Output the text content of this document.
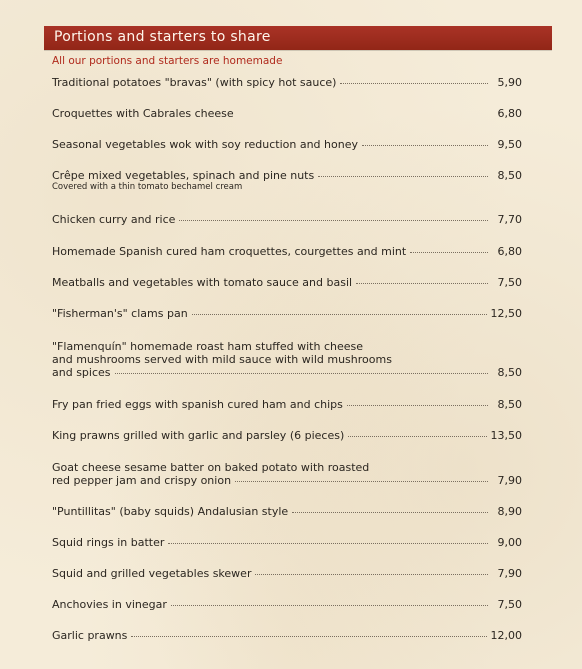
Portions and starters to share
All our portions and starters are homemade
Traditional potatoes "bravas" (with spicy hot sauce)	5,90
Croquettes with Cabrales cheese	6,80
Seasonal vegetables wok with soy reduction and honey	9,50
Crêpe mixed vegetables, spinach and pine nuts	8,50
Covered with a thin tomato bechamel cream
Chicken curry and rice	7,70
Homemade Spanish cured ham croquettes, courgettes and mint	6,80
Meatballs and vegetables with tomato sauce and basil	7,50
"Fisherman's" clams pan	12,50
"Flamenquín" homemade roast ham stuffed with cheese
and mushrooms served with mild sauce with wild mushrooms
and spices	8,50
Fry pan fried eggs with spanish cured ham and chips	8,50
King prawns grilled with garlic and parsley (6 pieces)	13,50
Goat cheese sesame batter on baked potato with roasted
red pepper jam and crispy onion	7,90
"Puntillitas" (baby squids) Andalusian style	8,90
Squid rings in batter	9,00
Squid and grilled vegetables skewer	7,90
Anchovies in vinegar	7,50
Garlic prawns	12,00
